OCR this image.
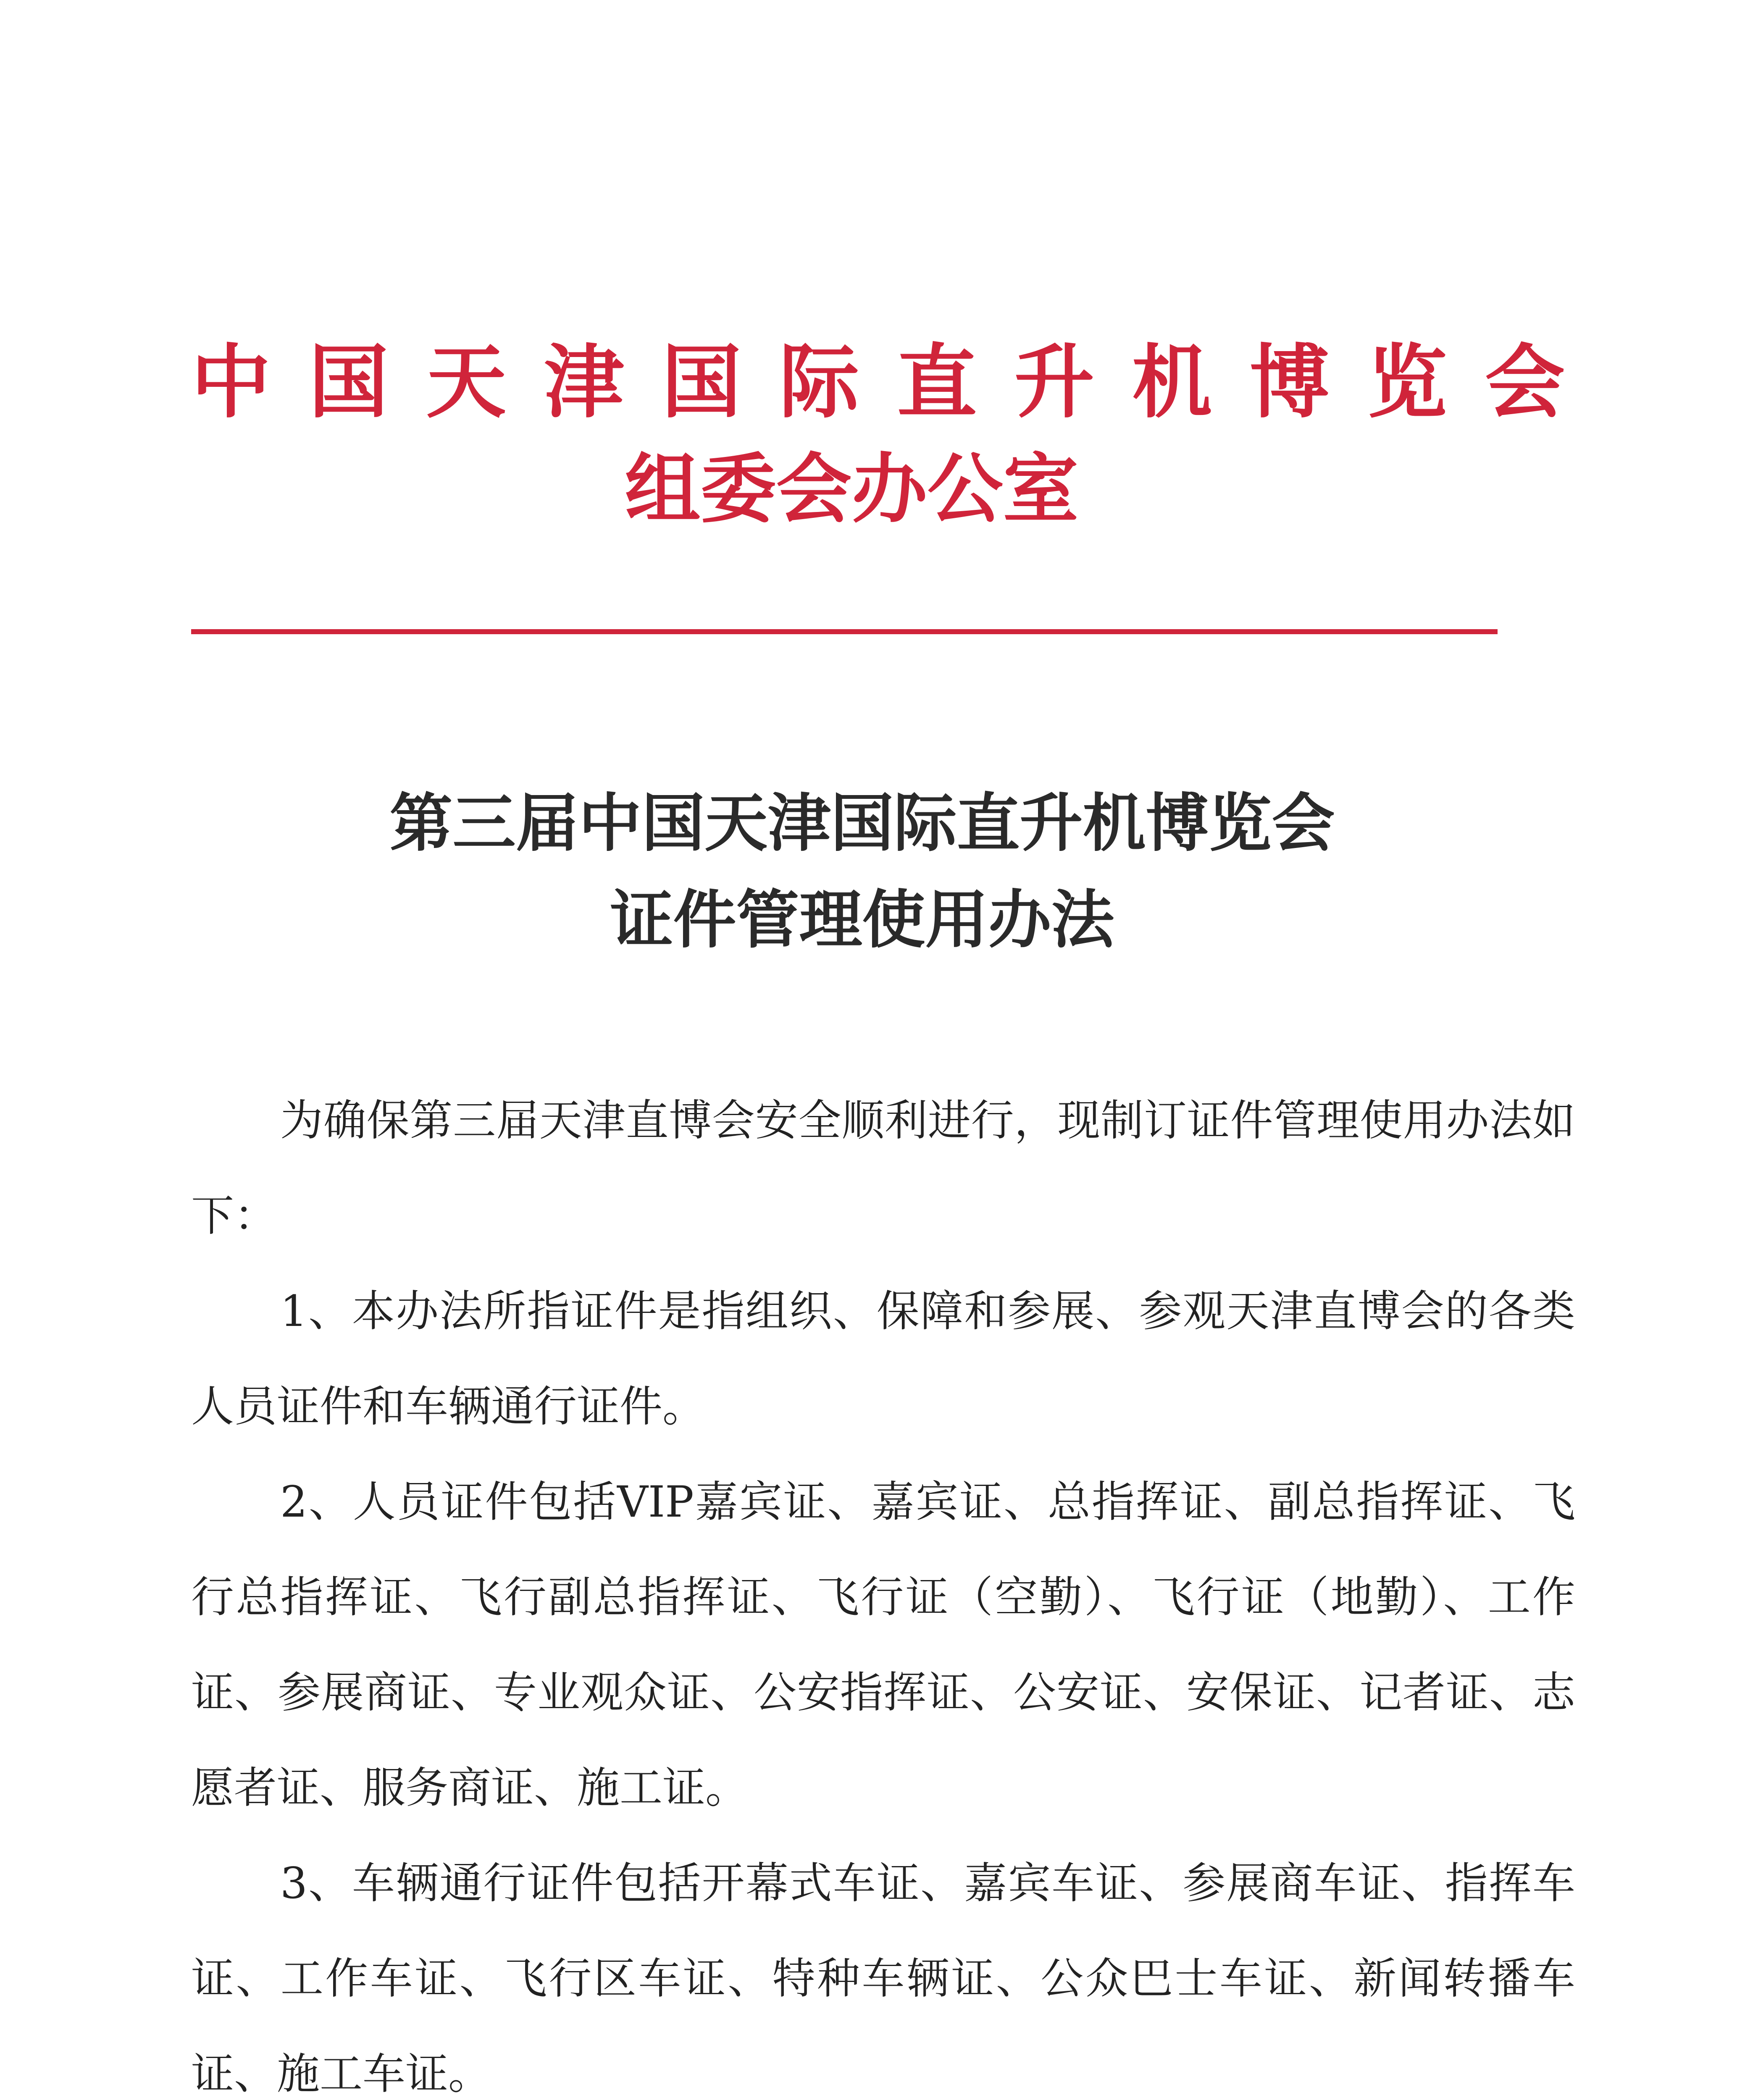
中国天津国际直升机博览会
组委会办公室
第三届中国天津国际直升机博览会
证件管理使用办法

为确保第三届天津直博会安全顺利进行，现制订证件管理使用办法如下：

1、本办法所指证件是指组织、保障和参展、参观天津直博会的各类人员证件和车辆通行证件。

2、人员证件包括VIP嘉宾证、嘉宾证、总指挥证、副总指挥证、飞行总指挥证、飞行副总指挥证、飞行证（空勤）、飞行证（地勤）、工作证、参展商证、专业观众证、公安指挥证、公安证、安保证、记者证、志愿者证、服务商证、施工证。

3、车辆通行证件包括开幕式车证、嘉宾车证、参展商车证、指挥车证、工作车证、飞行区车证、特种车辆证、公众巴士车证、新闻转播车证、施工车证。
